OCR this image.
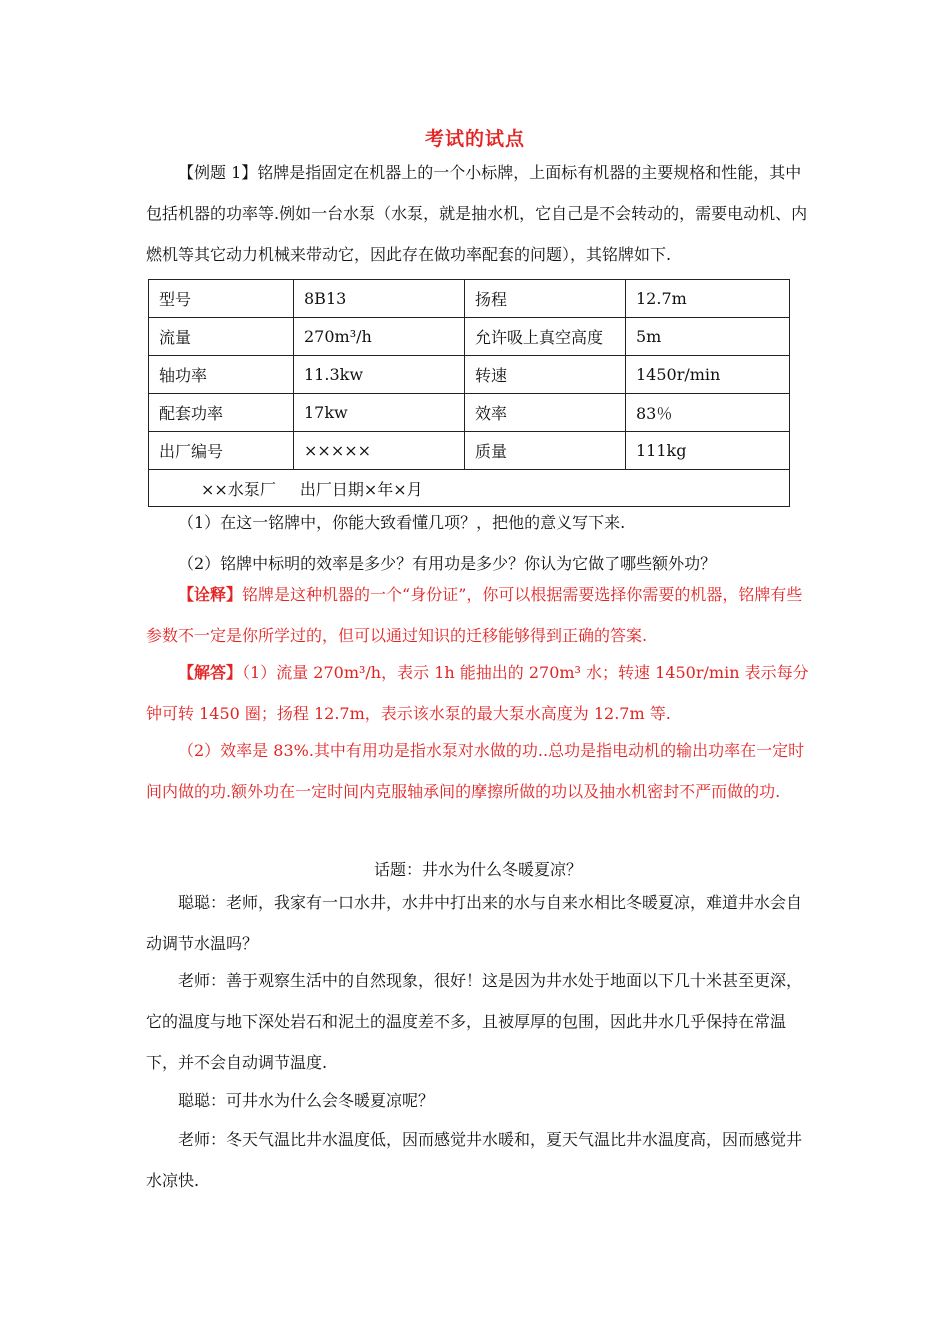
考试的试点
【例题 1】铭牌是指固定在机器上的一个小标牌，上面标有机器的主要规格和性能，其中包括机器的功率等.例如一台水泵（水泵，就是抽水机，它自己是不会转动的，需要电动机、内燃机等其它动力机械来带动它，因此存在做功率配套的问题），其铭牌如下.
型号	8B13	扬程	12.7m
流量	270m³/h	允许吸上真空高度	5m
轴功率	11.3kw	转速	1450r/min
配套功率	17kw	效率	83％
出厂编号	×××××	质量	111kg
××水泵厂 出厂日期×年×月			
（1）在这一铭牌中，你能大致看懂几项？，把他的意义写下来.
（2）铭牌中标明的效率是多少？有用功是多少？你认为它做了哪些额外功？
【诠释】铭牌是这种机器的一个“身份证”，你可以根据需要选择你需要的机器，铭牌有些参数不一定是你所学过的，但可以通过知识的迁移能够得到正确的答案.
【解答】（1）流量 270m³/h，表示 1h 能抽出的 270m³ 水；转速 1450r/min 表示每分钟可转 1450 圈；扬程 12.7m，表示该水泵的最大泵水高度为 12.7m 等.
（2）效率是 83%.其中有用功是指水泵对水做的功..总功是指电动机的输出功率在一定时间内做的功.额外功在一定时间内克服轴承间的摩擦所做的功以及抽水机密封不严而做的功.
话题：井水为什么冬暖夏凉？
聪聪：老师，我家有一口水井，水井中打出来的水与自来水相比冬暖夏凉，难道井水会自动调节水温吗？
老师：善于观察生活中的自然现象，很好！这是因为井水处于地面以下几十米甚至更深，它的温度与地下深处岩石和泥土的温度差不多，且被厚厚的包围，因此井水几乎保持在常温下，并不会自动调节温度.
聪聪：可井水为什么会冬暖夏凉呢？
老师：冬天气温比井水温度低，因而感觉井水暖和，夏天气温比井水温度高，因而感觉井水凉快.
